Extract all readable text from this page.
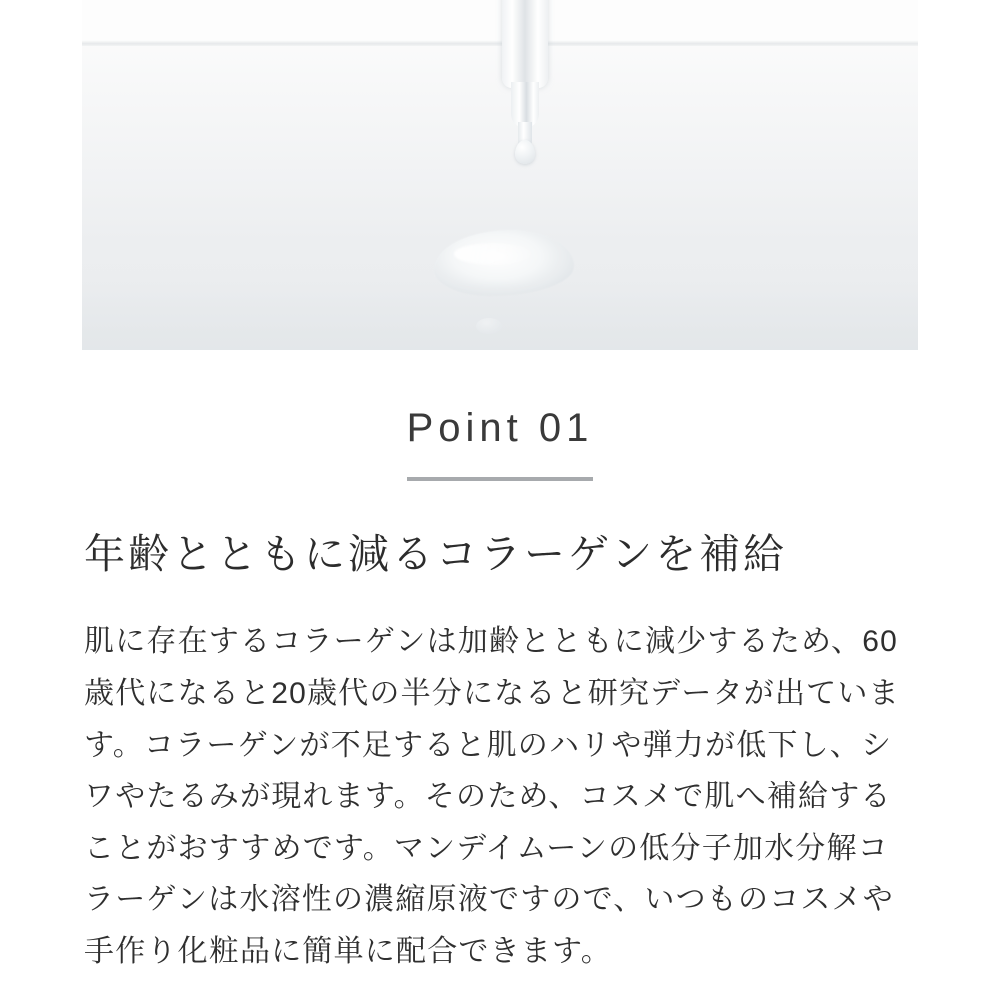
Point 01
年齢とともに減るコラーゲンを補給

肌に存在するコラーゲンは加齢とともに減少するため、60歳代になると20歳代の半分になると研究データが出ています。コラーゲンが不足すると肌のハリや弾力が低下し、シワやたるみが現れます。そのため、コスメで肌へ補給することがおすすめです。マンデイムーンの低分子加水分解コラーゲンは水溶性の濃縮原液ですので、いつものコスメや手作り化粧品に簡単に配合できます。
